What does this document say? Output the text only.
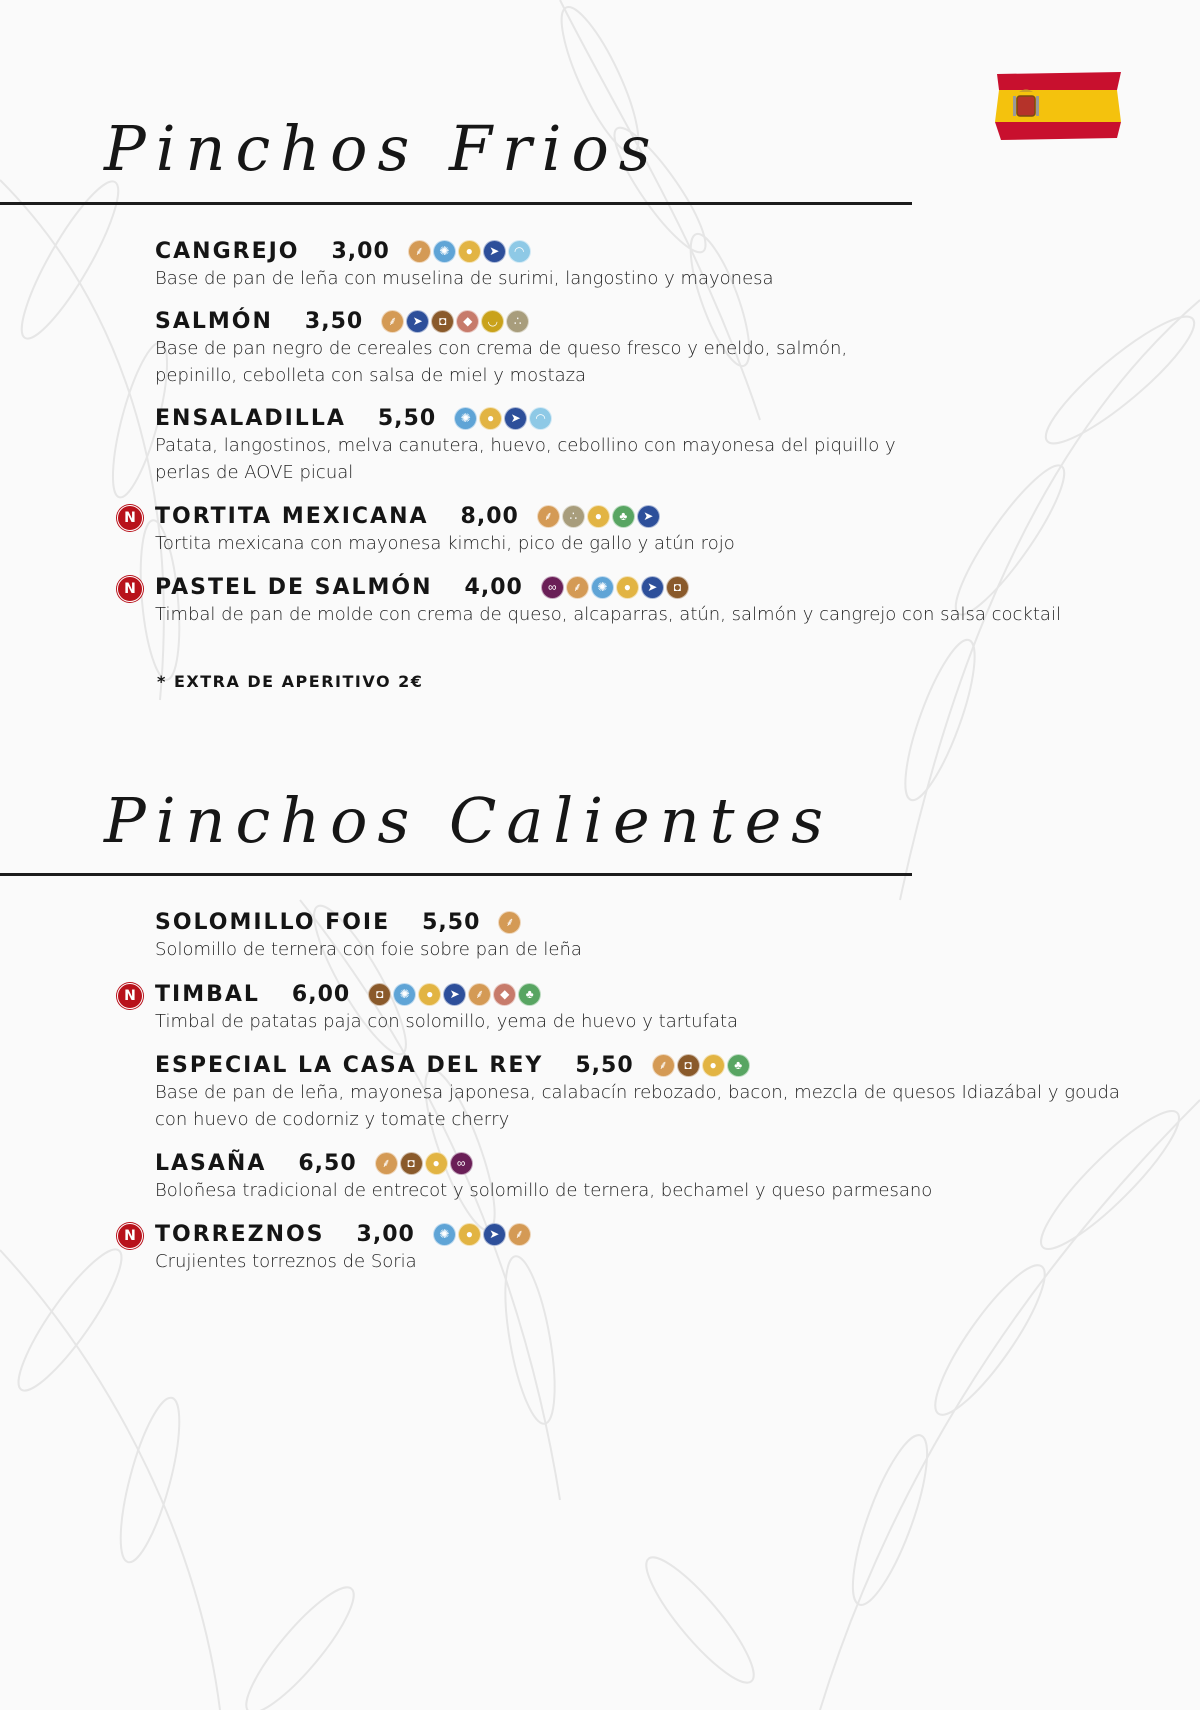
Pinchos Frios
CANGREJO 3,00	⸙	✺	●	➤	◠
Base de pan de leña con muselina de surimi, langostino y mayonesa
SALMÓN 3,50	⸙	➤	◘	◆	◡	∴
Base de pan negro de cereales con crema de queso fresco y eneldo, salmón, pepinillo, cebolleta con salsa de miel y mostaza
ENSALADILLA 5,50	✺	●	➤	◠
Patata, langostinos, melva canutera, huevo, cebollino con mayonesa del piquillo y perlas de AOVE picual
N TORTITA MEXICANA 8,00	⸙	∴	●	♣	➤
Tortita mexicana con mayonesa kimchi, pico de gallo y atún rojo
N PASTEL DE SALMÓN 4,00	∞	⸙	✺	●	➤	◘
Timbal de pan de molde con crema de queso, alcaparras, atún, salmón y cangrejo con salsa cocktail
* EXTRA DE APERITIVO 2€
Pinchos Calientes
SOLOMILLO FOIE 5,50	⸙
Solomillo de ternera con foie sobre pan de leña
N TIMBAL 6,00	◘	✺	●	➤	⸙	◆	♣
Timbal de patatas paja con solomillo, yema de huevo y tartufata
ESPECIAL LA CASA DEL REY 5,50	⸙	◘	●	♣
Base de pan de leña, mayonesa japonesa, calabacín rebozado, bacon, mezcla de quesos Idiazábal y gouda con huevo de codorniz y tomate cherry
LASAÑA 6,50	⸙	◘	●	∞
Boloñesa tradicional de entrecot y solomillo de ternera, bechamel y queso parmesano
N TORREZNOS 3,00	✺	●	➤	⸙
Crujientes torreznos de Soria
